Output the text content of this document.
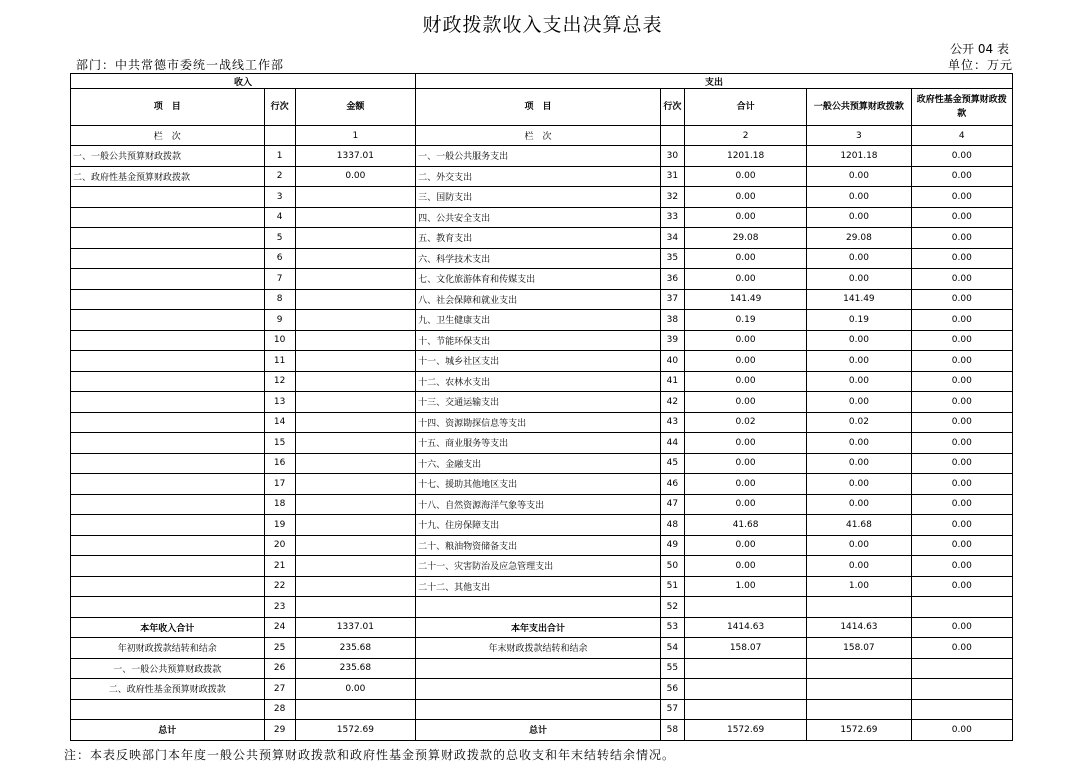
财政拨款收入支出决算总表
公开 04 表
部门：中共常德市委统一战线工作部	单位：万元
收入			支出				
项　目	行次	金额	项　目	行次	合计	一般公共预算财政拨款	政府性基金预算财政拨款
栏　次		1	栏　次		2	3	4
一、一般公共预算财政拨款	1	1337.01	一、一般公共服务支出	30	1201.18	1201.18	0.00
二、政府性基金预算财政拨款	2	0.00	二、外交支出	31	0.00	0.00	0.00
	3		三、国防支出	32	0.00	0.00	0.00
	4		四、公共安全支出	33	0.00	0.00	0.00
	5		五、教育支出	34	29.08	29.08	0.00
	6		六、科学技术支出	35	0.00	0.00	0.00
	7		七、文化旅游体育和传媒支出	36	0.00	0.00	0.00
	8		八、社会保障和就业支出	37	141.49	141.49	0.00
	9		九、卫生健康支出	38	0.19	0.19	0.00
	10		十、节能环保支出	39	0.00	0.00	0.00
	11		十一、城乡社区支出	40	0.00	0.00	0.00
	12		十二、农林水支出	41	0.00	0.00	0.00
	13		十三、交通运输支出	42	0.00	0.00	0.00
	14		十四、资源勘探信息等支出	43	0.02	0.02	0.00
	15		十五、商业服务等支出	44	0.00	0.00	0.00
	16		十六、金融支出	45	0.00	0.00	0.00
	17		十七、援助其他地区支出	46	0.00	0.00	0.00
	18		十八、自然资源海洋气象等支出	47	0.00	0.00	0.00
	19		十九、住房保障支出	48	41.68	41.68	0.00
	20		二十、粮油物资储备支出	49	0.00	0.00	0.00
	21		二十一、灾害防治及应急管理支出	50	0.00	0.00	0.00
	22		二十二、其他支出	51	1.00	1.00	0.00
	23			52			
本年收入合计	24	1337.01	本年支出合计	53	1414.63	1414.63	0.00
年初财政拨款结转和结余	25	235.68	年末财政拨款结转和结余	54	158.07	158.07	0.00
一、一般公共预算财政拨款	26	235.68		55			
二、政府性基金预算财政拨款	27	0.00		56			
	28			57			
总计	29	1572.69	总计	58	1572.69	1572.69	0.00
注：本表反映部门本年度一般公共预算财政拨款和政府性基金预算财政拨款的总收支和年末结转结余情况。
